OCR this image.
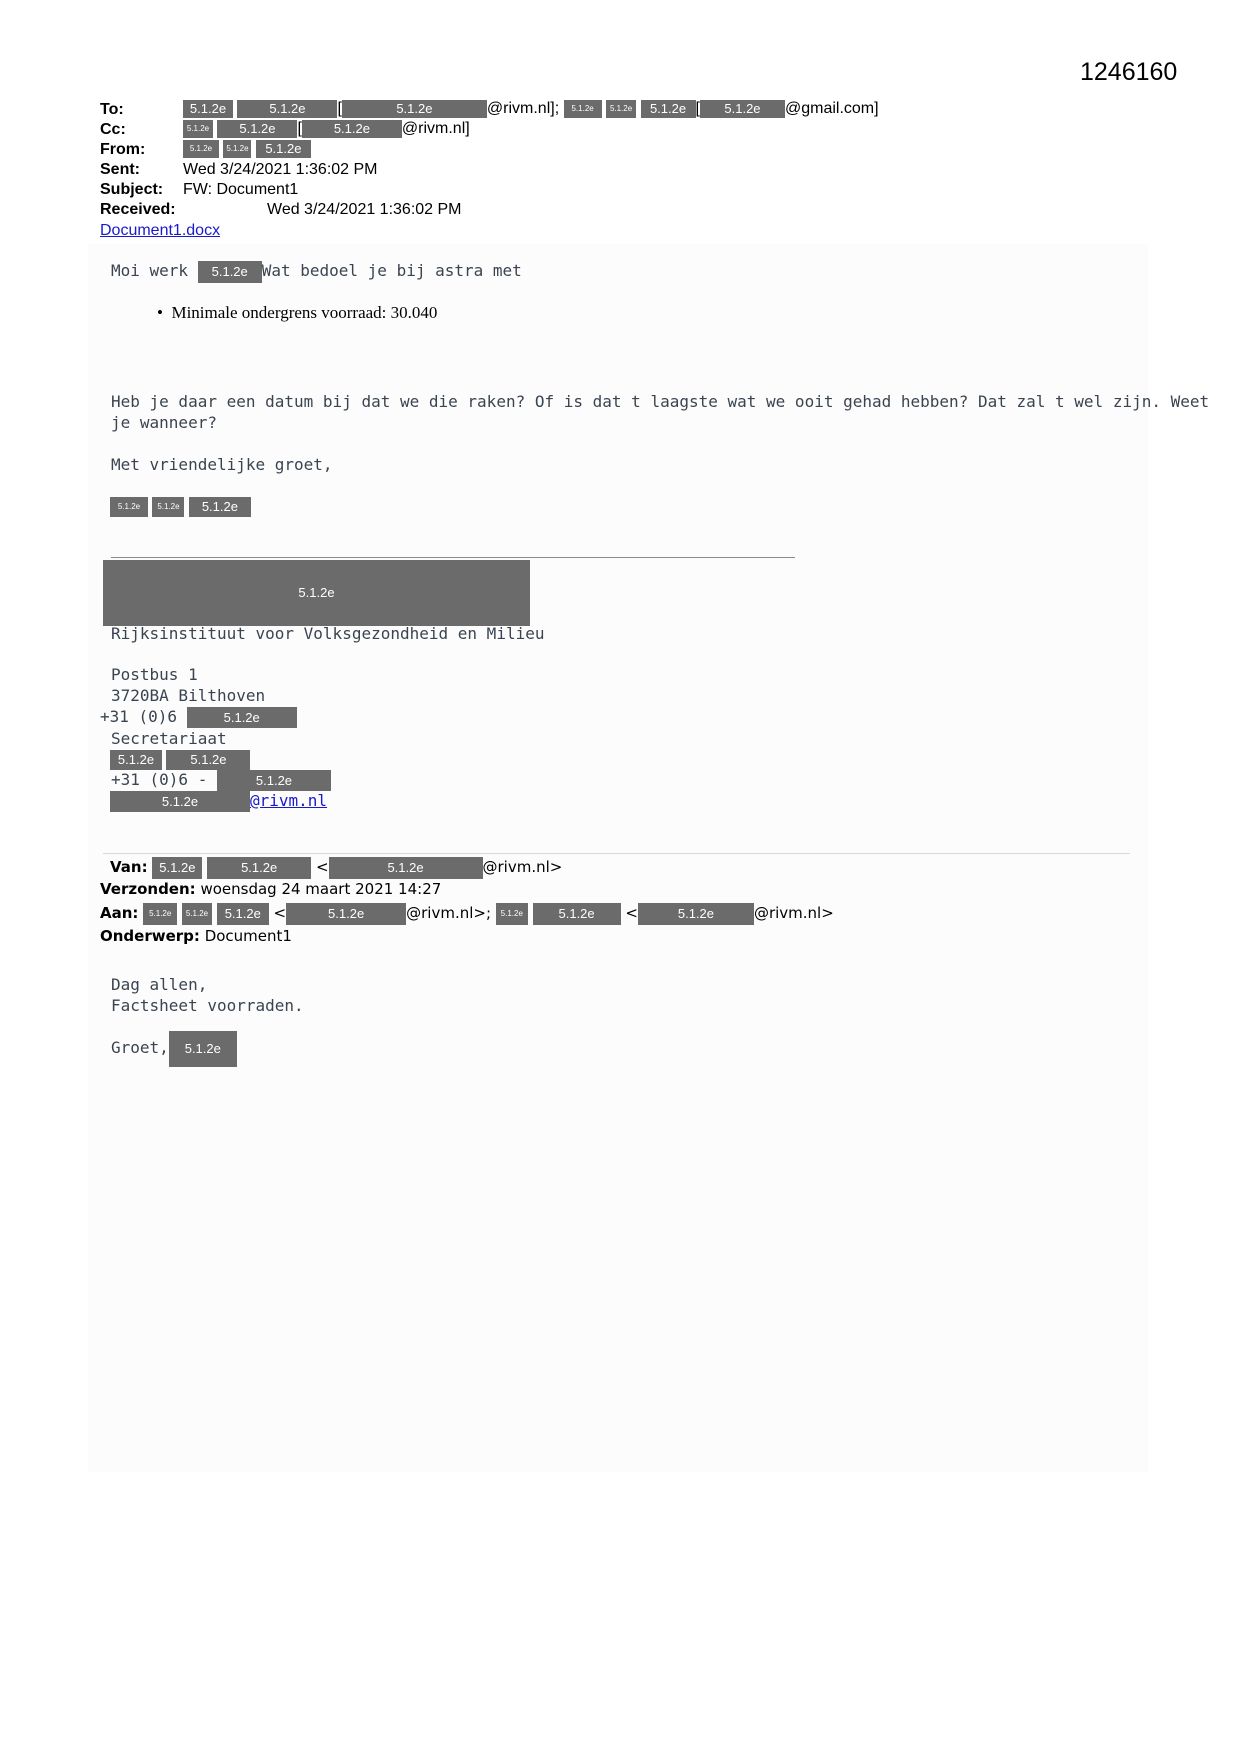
1246160
To:	5.1.2e	5.1.2e [	5.1.2e	@rivm.nl]; 5.1.2e 5.1.2e 5.1.2e [ 5.1.2e @gmail.com]
Cc:	5.1.2e 5.1.2e [ 5.1.2e @rivm.nl]
From:	5.1.2e 5.1.2e 5.1.2e
Sent:	Wed 3/24/2021 1:36:02 PM
Subject: FW: Document1
Received:	Wed 3/24/2021 1:36:02 PM
Document1.docx
Moi werk 5.1.2e Wat bedoel je bij astra met
•  Minimale ondergrens voorraad: 30.040
Heb je daar een datum bij dat we die raken? Of is dat t laagste wat we ooit gehad hebben? Dat zal t wel zijn. Weet
je wanneer?
Met vriendelijke groet,
5.1.2e 5.1.2e 5.1.2e
5.1.2e
Rijksinstituut voor Volksgezondheid en Milieu
Postbus 1
3720BA Bilthoven
+31 (0)6	5.1.2e
Secretariaat
5.1.2e	5.1.2e
+31 (0)6 -	5.1.2e
5.1.2e	@rivm.nl
Van: 5.1.2e	5.1.2e	<	5.1.2e	@rivm.nl>
Verzonden: woensdag 24 maart 2021 14:27
Aan: 5.1.2e 5.1.2e 5.1.2e <	5.1.2e	@rivm.nl>; 5.1.2e	5.1.2e <	5.1.2e	@rivm.nl>
Onderwerp: Document1
Dag allen,
Factsheet voorraden.
Groet, 5.1.2e
